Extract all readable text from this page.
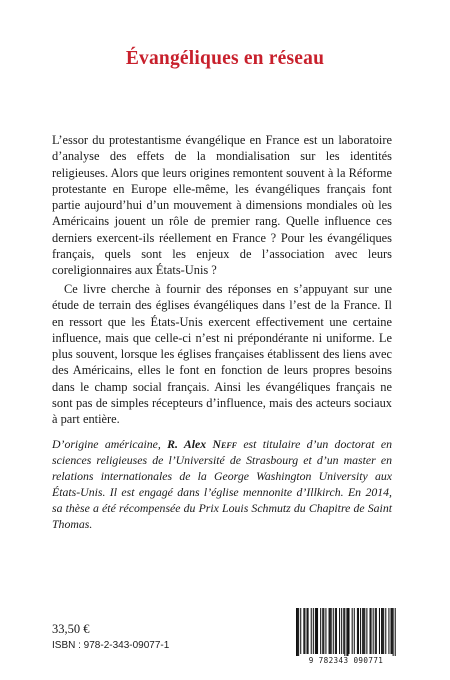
Évangéliques en réseau
L’essor du protestantisme évangélique en France est un laboratoire d’analyse des effets de la mondialisation sur les identités religieuses. Alors que leurs origines remontent souvent à la Réforme protestante en Europe elle-même, les évangéliques français font partie aujourd’hui d’un mouvement à dimensions mondiales où les Américains jouent un rôle de premier rang. Quelle influence ces derniers exercent-ils réellement en France ? Pour les évangéliques français, quels sont les enjeux de l’association avec leurs coreligionnaires aux États-Unis ?
Ce livre cherche à fournir des réponses en s’appuyant sur une étude de terrain des églises évangéliques dans l’est de la France. Il en ressort que les États-Unis exercent effectivement une certaine influence, mais que celle-ci n’est ni prépondérante ni uniforme. Le plus souvent, lorsque les églises françaises établissent des liens avec des Américains, elles le font en fonction de leurs propres besoins dans le champ social français. Ainsi les évangéliques français ne sont pas de simples récepteurs d’influence, mais des acteurs sociaux à part entière.
D’origine américaine, R. Alex Neff est titulaire d’un doctorat en sciences religieuses de l’Université de Strasbourg et d’un master en relations internationales de la George Washington University aux États-Unis. Il est engagé dans l’église mennonite d’Illkirch. En 2014, sa thèse a été récompensée du Prix Louis Schmutz du Chapitre de Saint Thomas.
33,50 €
ISBN : 978-2-343-09077-1
9 782343 090771
